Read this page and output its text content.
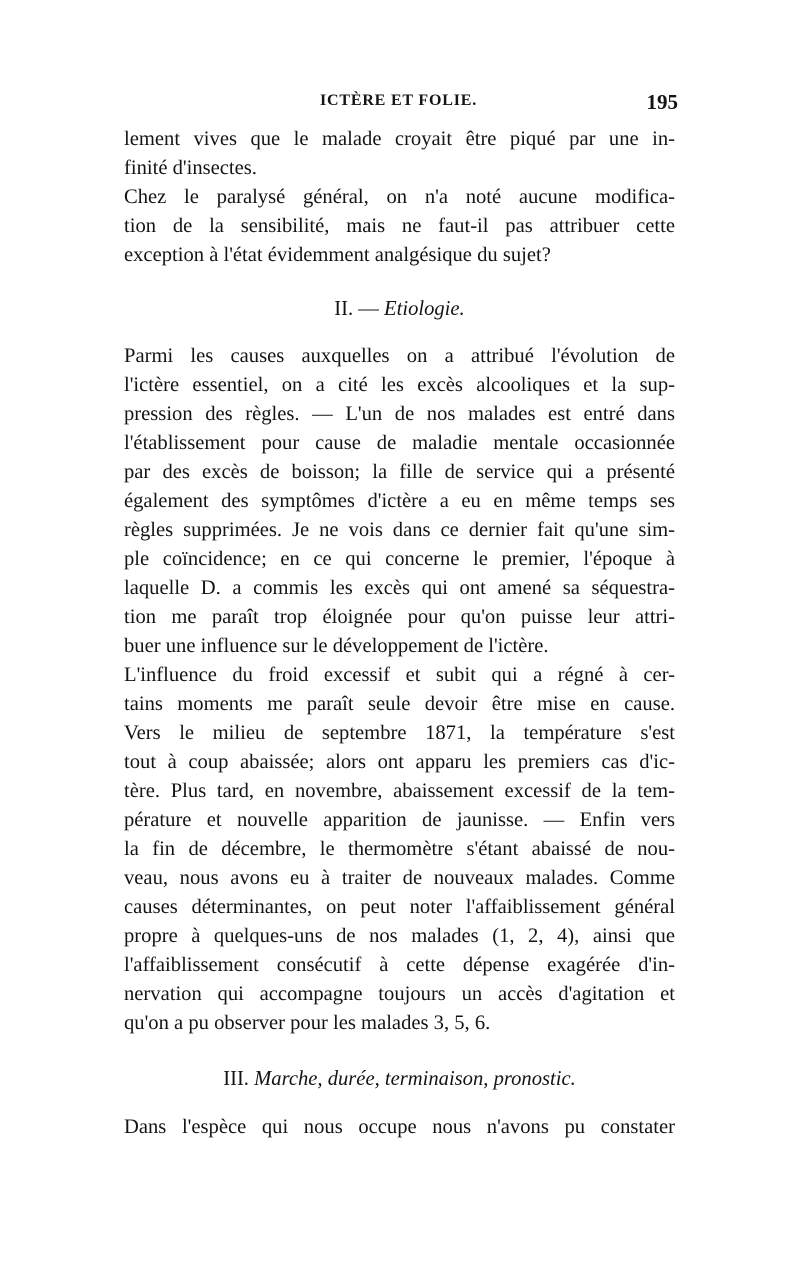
ICTÈRE ET FOLIE.	195
lement vives que le malade croyait être piqué par une in-
finité d'insectes.
Chez le paralysé général, on n'a noté aucune modifica-
tion de la sensibilité, mais ne faut-il pas attribuer cette
exception à l'état évidemment analgésique du sujet?
II. — Etiologie.
Parmi les causes auxquelles on a attribué l'évolution de
l'ictère essentiel, on a cité les excès alcooliques et la sup-
pression des règles. — L'un de nos malades est entré dans
l'établissement pour cause de maladie mentale occasionnée
par des excès de boisson; la fille de service qui a présenté
également des symptômes d'ictère a eu en même temps ses
règles supprimées. Je ne vois dans ce dernier fait qu'une sim-
ple coïncidence; en ce qui concerne le premier, l'époque à
laquelle D. a commis les excès qui ont amené sa séquestra-
tion me paraît trop éloignée pour qu'on puisse leur attri-
buer une influence sur le développement de l'ictère.
L'influence du froid excessif et subit qui a régné à cer-
tains moments me paraît seule devoir être mise en cause.
Vers le milieu de septembre 1871, la température s'est
tout à coup abaissée; alors ont apparu les premiers cas d'ic-
tère. Plus tard, en novembre, abaissement excessif de la tem-
pérature et nouvelle apparition de jaunisse. — Enfin vers
la fin de décembre, le thermomètre s'étant abaissé de nou-
veau, nous avons eu à traiter de nouveaux malades. Comme
causes déterminantes, on peut noter l'affaiblissement général
propre à quelques-uns de nos malades (1, 2, 4), ainsi que
l'affaiblissement consécutif à cette dépense exagérée d'in-
nervation qui accompagne toujours un accès d'agitation et
qu'on a pu observer pour les malades 3, 5, 6.
III. Marche, durée, terminaison, pronostic.
Dans l'espèce qui nous occupe nous n'avons pu constater
